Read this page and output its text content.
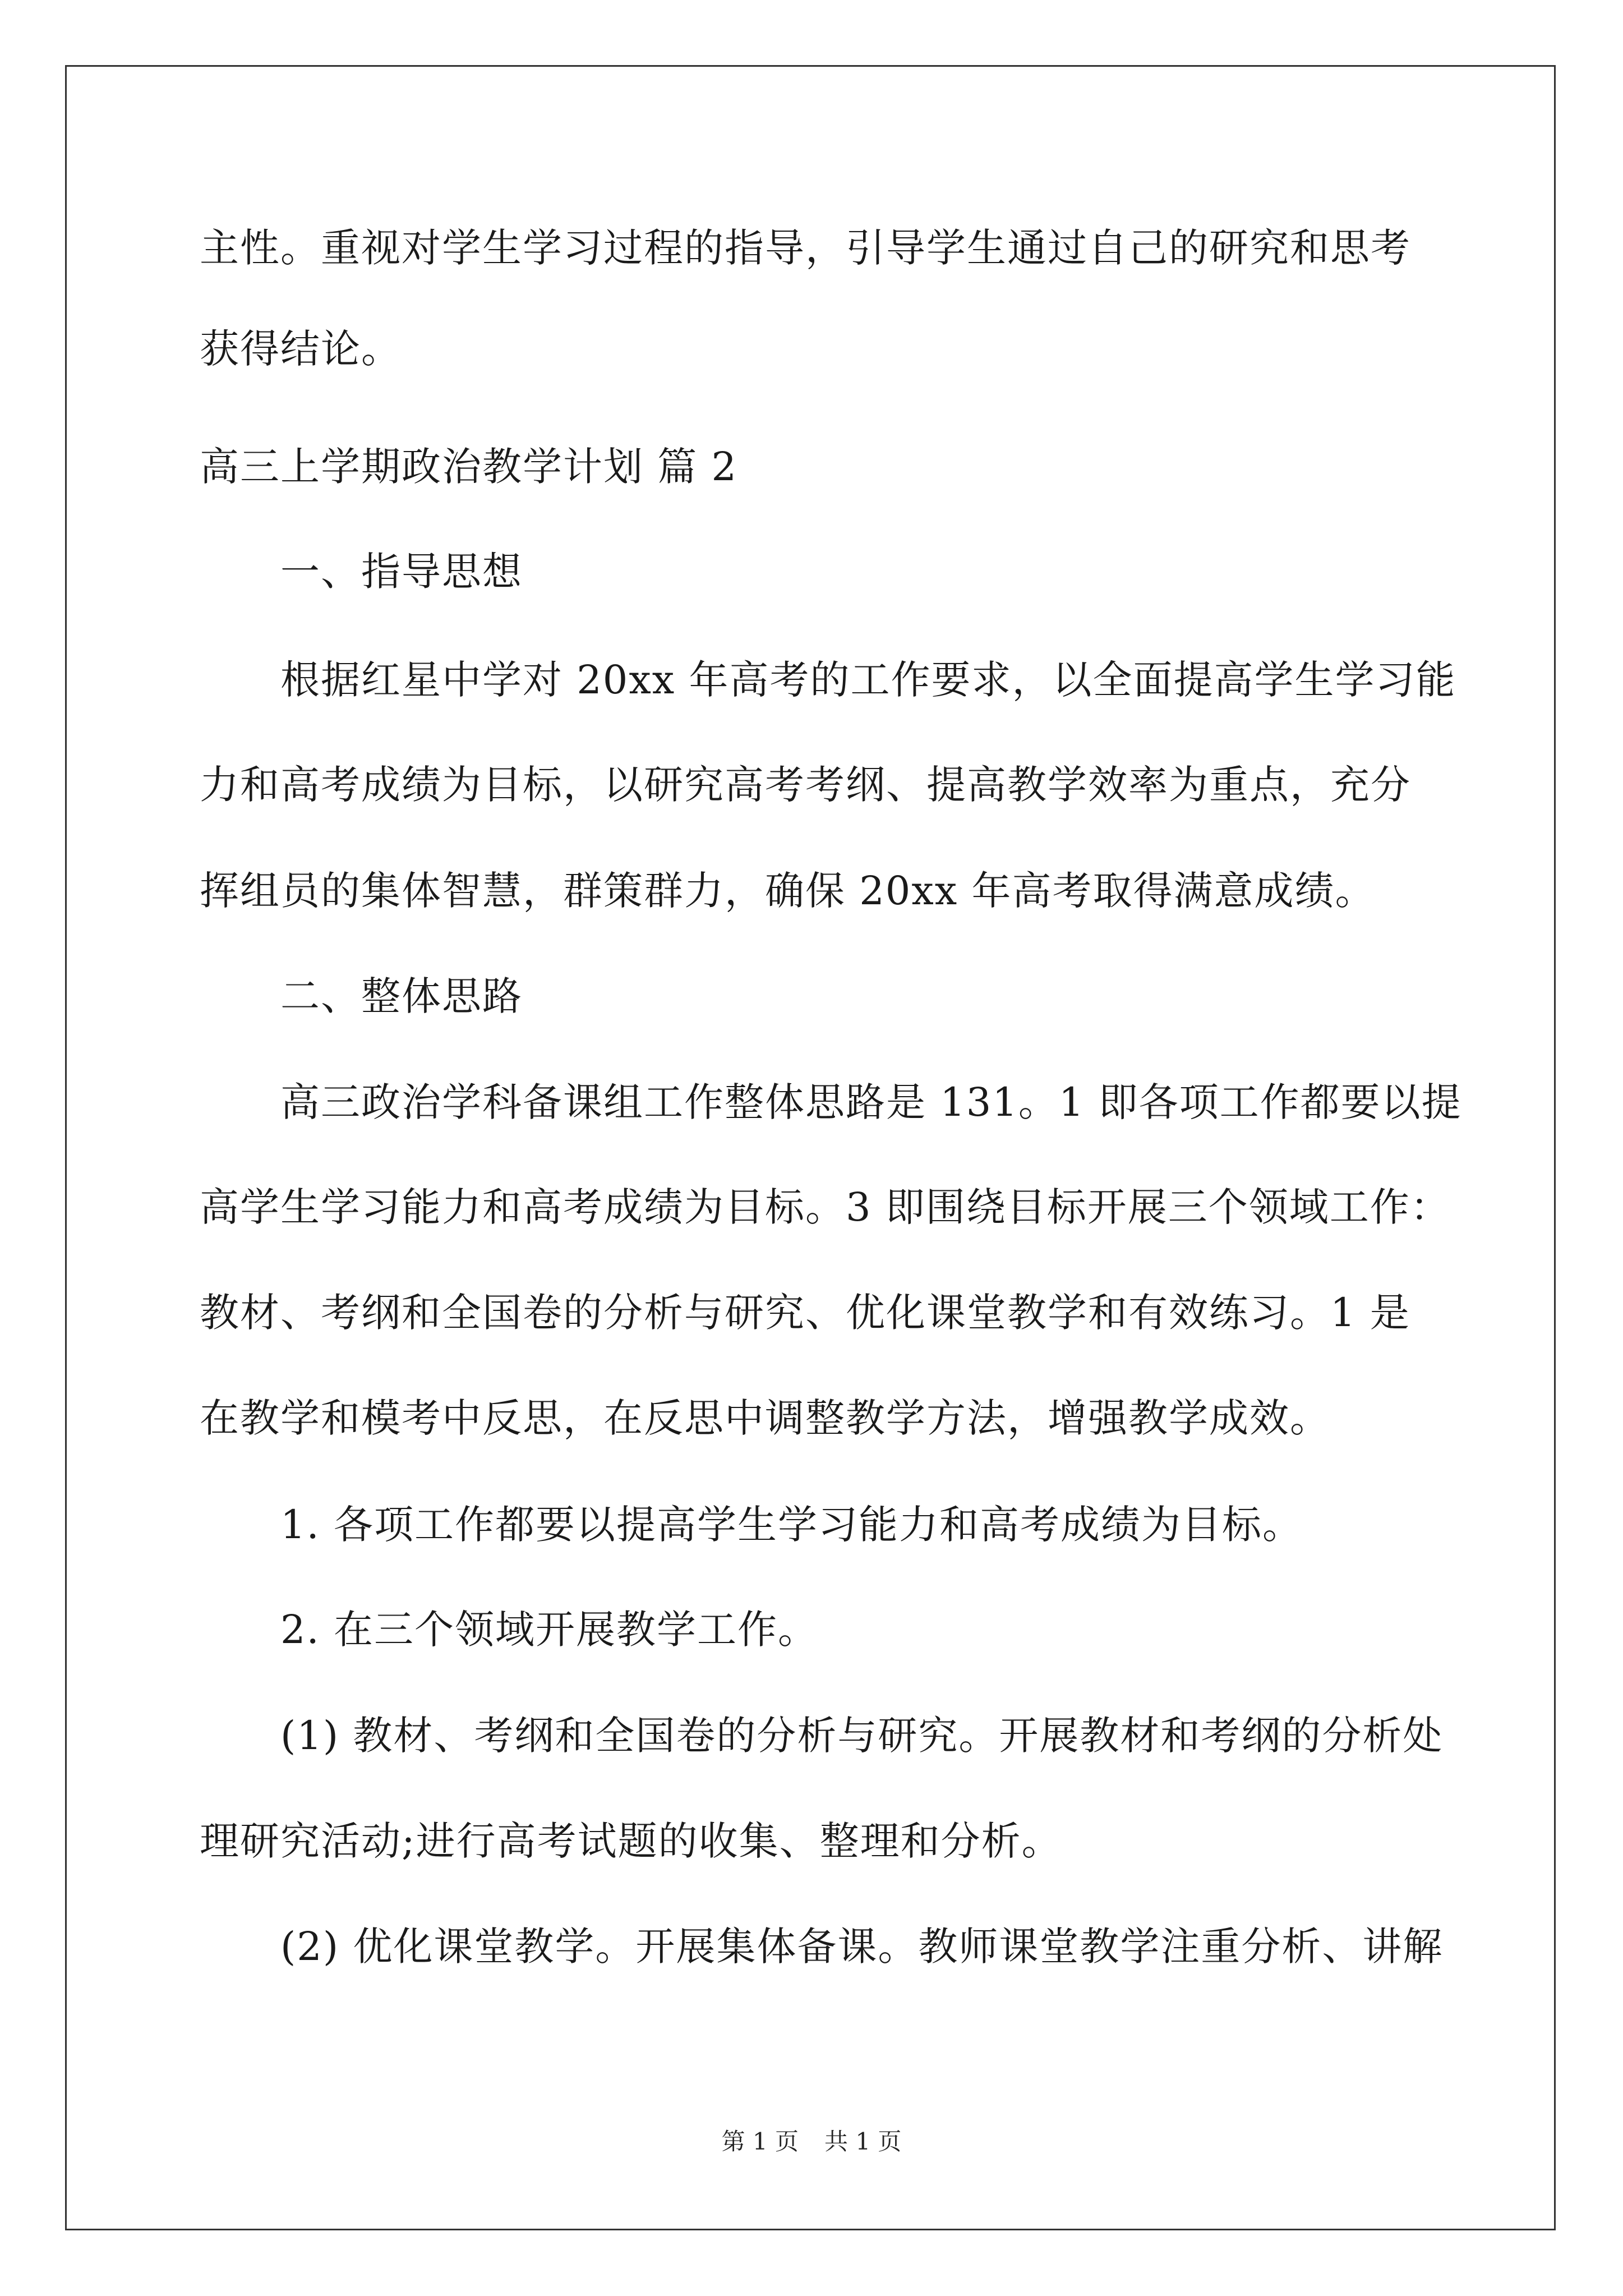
主性。重视对学生学习过程的指导，引导学生通过自己的研究和思考
获得结论。
高三上学期政治教学计划 篇 2
一、指导思想
根据红星中学对 20xx 年高考的工作要求，以全面提高学生学习能
力和高考成绩为目标，以研究高考考纲、提高教学效率为重点，充分
挥组员的集体智慧，群策群力，确保 20xx 年高考取得满意成绩。
二、整体思路
高三政治学科备课组工作整体思路是 131。1 即各项工作都要以提
高学生学习能力和高考成绩为目标。3 即围绕目标开展三个领域工作：
教材、考纲和全国卷的分析与研究、优化课堂教学和有效练习。1 是
在教学和模考中反思，在反思中调整教学方法，增强教学成效。
1. 各项工作都要以提高学生学习能力和高考成绩为目标。
2. 在三个领域开展教学工作。
(1) 教材、考纲和全国卷的分析与研究。开展教材和考纲的分析处
理研究活动;进行高考试题的收集、整理和分析。
(2) 优化课堂教学。开展集体备课。教师课堂教学注重分析、讲解
第 1 页 共 1 页
